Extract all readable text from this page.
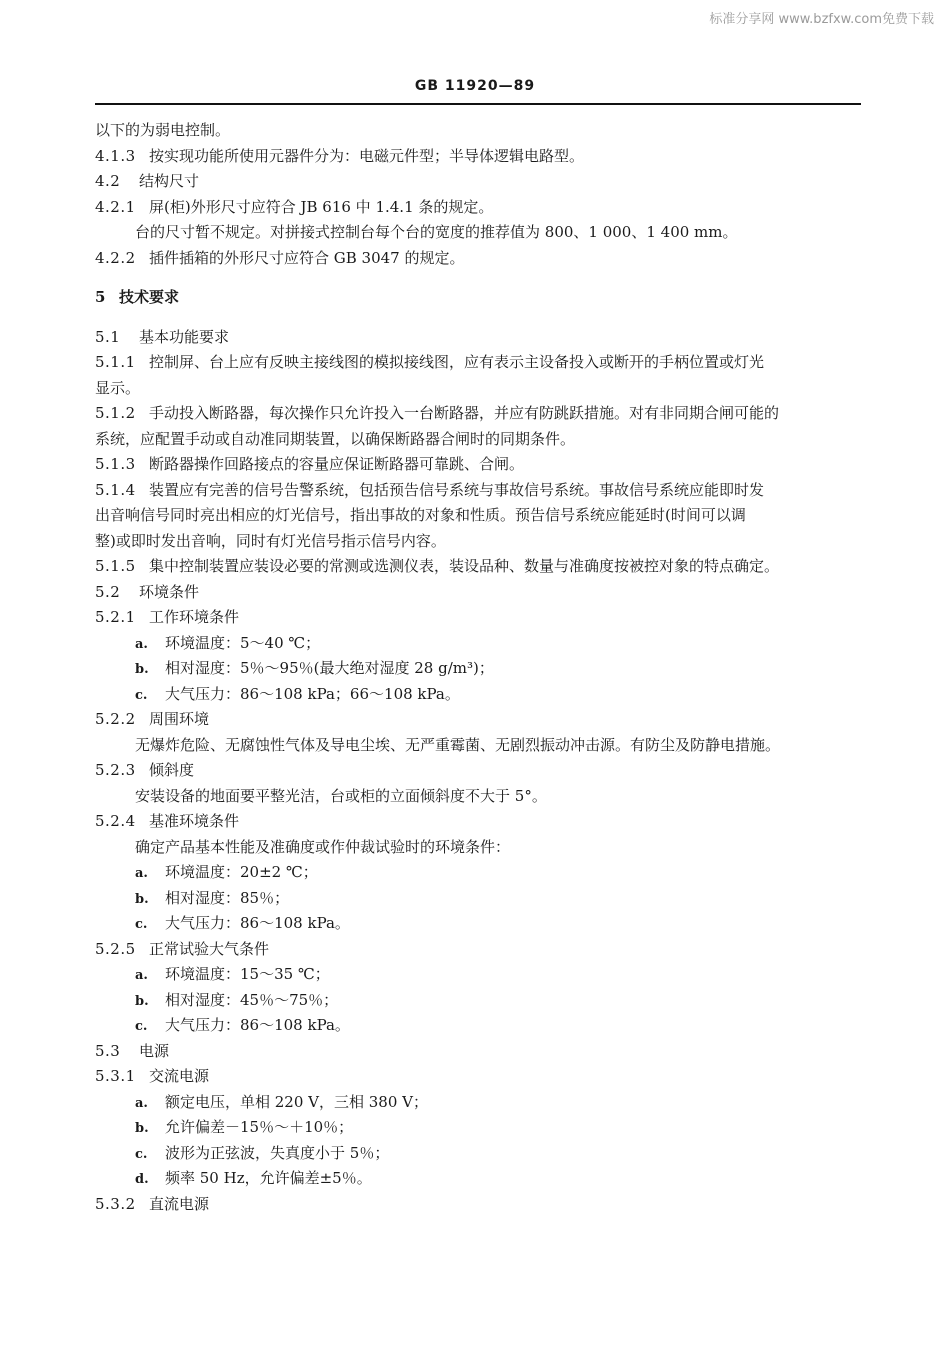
标准分享网 www.bzfxw.com免费下载
GB 11920—89
以下的为弱电控制。
4.1.3 按实现功能所使用元器件分为：电磁元件型；半导体逻辑电路型。
4.2 结构尺寸
4.2.1 屏(柜)外形尺寸应符合 JB 616 中 1.4.1 条的规定。
台的尺寸暂不规定。对拼接式控制台每个台的宽度的推荐值为 800、1 000、1 400 mm。
4.2.2 插件插箱的外形尺寸应符合 GB 3047 的规定。
5 技术要求
5.1 基本功能要求
5.1.1 控制屏、台上应有反映主接线图的模拟接线图，应有表示主设备投入或断开的手柄位置或灯光
显示。
5.1.2 手动投入断路器，每次操作只允许投入一台断路器，并应有防跳跃措施。对有非同期合闸可能的
系统，应配置手动或自动准同期装置，以确保断路器合闸时的同期条件。
5.1.3 断路器操作回路接点的容量应保证断路器可靠跳、合闸。
5.1.4 装置应有完善的信号告警系统，包括预告信号系统与事故信号系统。事故信号系统应能即时发
出音响信号同时亮出相应的灯光信号，指出事故的对象和性质。预告信号系统应能延时(时间可以调
整)或即时发出音响，同时有灯光信号指示信号内容。
5.1.5 集中控制装置应装设必要的常测或选测仪表，装设品种、数量与准确度按被控对象的特点确定。
5.2 环境条件
5.2.1 工作环境条件
a. 环境温度：5～40 ℃；
b. 相对湿度：5％～95％(最大绝对湿度 28 g/m³)；
c. 大气压力：86～108 kPa；66～108 kPa。
5.2.2 周围环境
无爆炸危险、无腐蚀性气体及导电尘埃、无严重霉菌、无剧烈振动冲击源。有防尘及防静电措施。
5.2.3 倾斜度
安装设备的地面要平整光洁，台或柜的立面倾斜度不大于 5°。
5.2.4 基准环境条件
确定产品基本性能及准确度或作仲裁试验时的环境条件：
a. 环境温度：20±2 ℃；
b. 相对湿度：85％；
c. 大气压力：86～108 kPa。
5.2.5 正常试验大气条件
a. 环境温度：15～35 ℃；
b. 相对湿度：45％～75％；
c. 大气压力：86～108 kPa。
5.3 电源
5.3.1 交流电源
a. 额定电压，单相 220 V，三相 380 V；
b. 允许偏差－15％～＋10％；
c. 波形为正弦波，失真度小于 5％；
d. 频率 50 Hz，允许偏差±5％。
5.3.2 直流电源
